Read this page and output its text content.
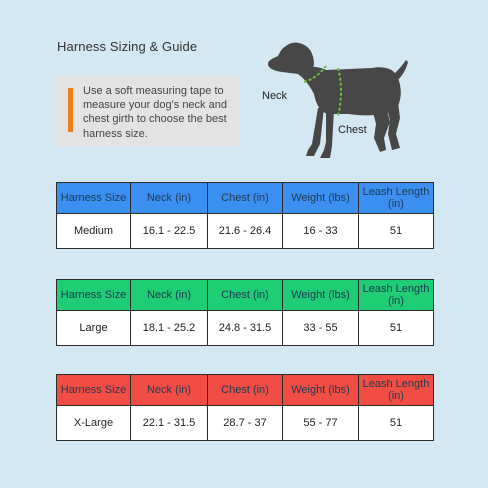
Harness Sizing & Guide
Use a soft measuring tape to measure your dog's neck and chest girth to choose the best harness size.
Neck
Chest
Harness Size	Neck (in)	Chest (in)	Weight (lbs)	Leash Length (in)
Medium	16.1 - 22.5	21.6 - 26.4	16 - 33	51
Harness Size	Neck (in)	Chest (in)	Weight (lbs)	Leash Length (in)
Large	18.1 - 25.2	24.8 - 31.5	33 - 55	51
Harness Size	Neck (in)	Chest (in)	Weight (lbs)	Leash Length (in)
X-Large	22.1 - 31.5	28.7 - 37	55 - 77	51
